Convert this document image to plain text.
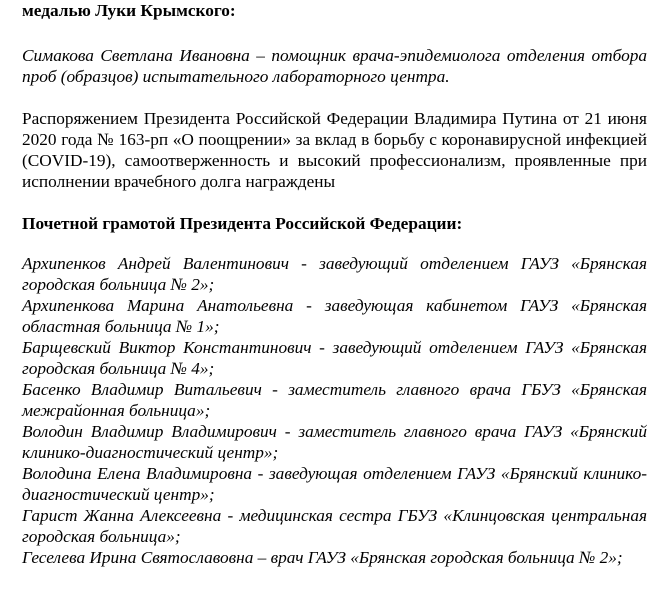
медалью Луки Крымского:

Симакова Светлана Ивановна – помощник врача-эпидемиолога отделения отбора проб (образцов) испытательного лабораторного центра.

Распоряжением Президента Российской Федерации Владимира Путина от 21 июня 2020 года № 163-рп «О поощрении» за вклад в борьбу с коронавирусной инфекцией (COVID-19), самоотверженность и высокий профессионализм, проявленные при исполнении врачебного долга награждены

Почетной грамотой Президента Российской Федерации:

Архипенков Андрей Валентинович - заведующий отделением ГАУЗ «Брянская городская больница № 2»;

Архипенкова Марина Анатольевна - заведующая кабинетом ГАУЗ «Брянская областная больница № 1»;

Барщевский Виктор Константинович - заведующий отделением ГАУЗ «Брянская городская больница № 4»;

Басенко Владимир Витальевич - заместитель главного врача ГБУЗ «Брянская межрайонная больница»;

Володин Владимир Владимирович - заместитель главного врача ГАУЗ «Брянский клинико-диагностический центр»;

Володина Елена Владимировна - заведующая отделением ГАУЗ «Брянский клинико-диагностический центр»;

Гарист Жанна Алексеевна - медицинская сестра ГБУЗ «Клинцовская центральная городская больница»;

Геселева Ирина Святославовна – врач ГАУЗ «Брянская городская больница № 2»;
